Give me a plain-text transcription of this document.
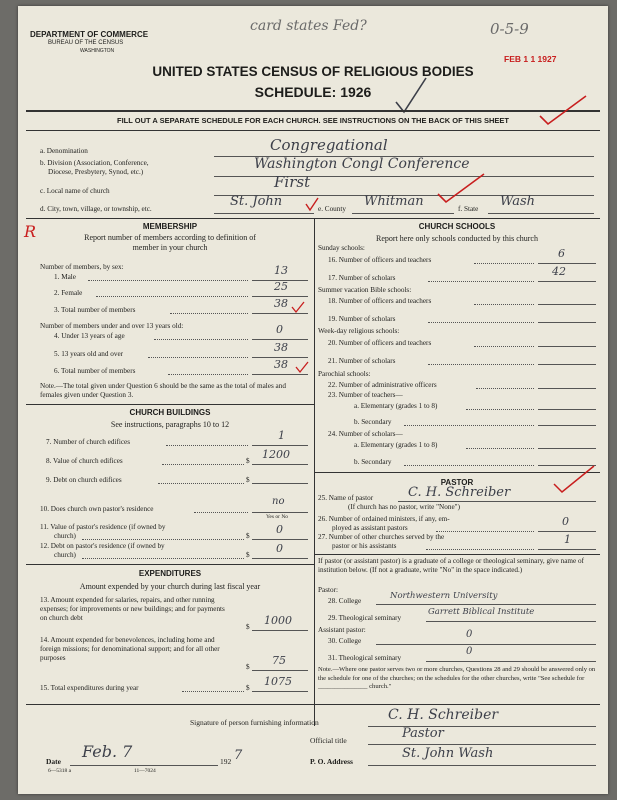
DEPARTMENT OF COMMERCE
BUREAU OF THE CENSUS
WASHINGTON
card states Fed?	0-5-9
FEB 1 1 1927
UNITED STATES CENSUS OF RELIGIOUS BODIES
SCHEDULE: 1926
FILL OUT A SEPARATE SCHEDULE FOR EACH CHURCH. SEE INSTRUCTIONS ON THE BACK OF THIS SHEET
a. Denomination	Congregational
b. Division (Association, Conference,
Diocese, Presbytery, Synod, etc.)	Washington Congl Conference
c. Local name of church	First
d. City, town, village, or township, etc.	St. John	e. County Whitman	f. State Wash
R	MEMBERSHIP
Report number of members according to definition of
member in your church
Number of members, by sex:
1. Male	13
2. Female	25
3. Total number of members	38
Number of members under and over 13 years old:
4. Under 13 years of age	0
5. 13 years old and over	38
6. Total number of members	38
Note.—The total given under Question 6 should be the same as the total of males and females given under Question 3.
CHURCH BUILDINGS
See instructions, paragraphs 10 to 12
7. Number of church edifices	1
8. Value of church edifices	$ 1200
9. Debt on church edifices	$
10. Does church own pastor's residence
no
Yes or No
11. Value of pastor's residence (if owned by
church)	$ 0
12. Debt on pastor's residence (if owned by
church)	$ 0
EXPENDITURES
Amount expended by your church during last fiscal year
13. Amount expended for salaries, repairs, and other running expenses; for improvements or new buildings; and for payments on church debt
$ 1000
14. Amount expended for benevolences, including home and foreign missions; for denominational support; and for all other purposes
$ 75
15. Total expenditures during year	$ 1075
CHURCH SCHOOLS
Report here only schools conducted by this church
Sunday schools:
16. Number of officers and teachers	6
17. Number of scholars	42
Summer vacation Bible schools:
18. Number of officers and teachers
19. Number of scholars
Week-day religious schools:
20. Number of officers and teachers
21. Number of scholars
Parochial schools:
22. Number of administrative officers
23. Number of teachers—
a. Elementary (grades 1 to 8)
b. Secondary
24. Number of scholars—
a. Elementary (grades 1 to 8)
b. Secondary
PASTOR
25. Name of pastor	C. H. Schreiber
(If church has no pastor, write "None")
26. Number of ordained ministers, if any, em-
ployed as assistant pastors	0
27. Number of other churches served by the
pastor or his assistants	1
If pastor (or assistant pastor) is a graduate of a college or theological seminary, give name of institution below. (If not a graduate, write "No" in the space indicated.)
Pastor:
28. College	Northwestern University
29. Theological seminary
Garrett Biblical Institute
Assistant pastor:
30. College
0
31. Theological seminary
0
Note.—Where one pastor serves two or more churches, Questions 28 and 29 should be answered only on the schedule for one of the churches; on the schedules for the other churches, write "See schedule for _______________ church."
Signature of person furnishing information	C. H. Schreiber
Official title	Pastor
Date
Feb. 7
192 7	P. O. Address
St. John Wash
6—5318 a	11—7024
